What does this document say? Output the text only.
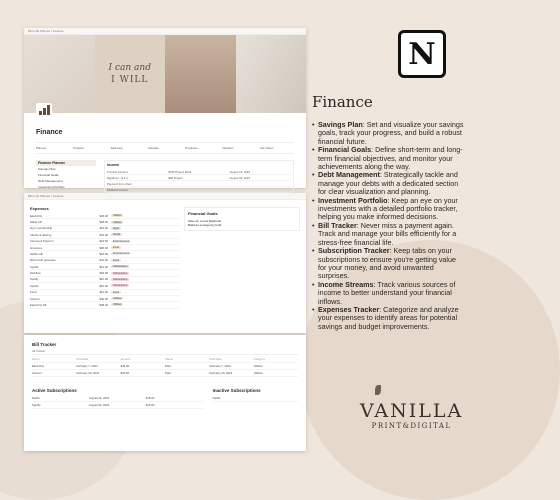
Mini Life Planner / Finance
I can and
I WILL
Finance
Planner	Finance	Self-care	Lifestyle	Productiv...	Nutrition	Life Vision
Finance Planner
Savings Plan
Financial Goals
Debt Management
Investment Portfolio
Income
Transfer Amount	$780 Project Work	August 15, 2024
Digital art - $ 2.4	$50 Project	August 02, 2024
Payment from client
Dividend income
Mini Life Planner / Finance
Expenses
Electricity	$45.00	Utilities
Water bill	$18.00	Utilities
Gym membership	$24.00	Sport
Clients & offering	$32.00	Social
Cinema & Popcorn	$24.50	Entertainment
Groceries	$96.00	Food
Netflix sub	$15.00	Entertainment
Mid-month groceries	$42.00	Food
Spotify	$10.00	Subscription
Webflow	$29.00	Subscription
Spotify	$10.00	Subscription
Spotify	$10.00	Subscription
Food	$12.00	Food
Internet	$40.00	Utilities
Electricity bill	$38.00	Utilities
Financial Goals
Save for a new Macbook
Build an emergency fund
Bill Tracker
All Tracker
Name	Due Date	Amount	Status	Paid Date	Category
Electricity	February 7, 2024	$45.00	Paid	February 7, 2024	Utilities
Internet	February 20, 2024	$40.00	Paid	February 20, 2024	Utilities
Active Subscriptions
Netflix	August 23, 2024	$15.00
Spotify	August 24, 2024	$10.00
Inactive Subscriptions
Netflix
N
Finance
• Savings Plan: Set and visualize your savings goals, track your progress, and build a robust financial future.
• Financial Goals: Define short-term and long-term financial objectives, and monitor your achievements along the way.
• Debt Management: Strategically tackle and manage your debts with a dedicated section for clear visualization and planning.
• Investment Portfolio: Keep an eye on your investments with a detailed portfolio tracker, helping you make informed decisions.
• Bill Tracker: Never miss a payment again. Track and manage your bills efficiently for a stress-free financial life.
• Subscription Tracker: Keep tabs on your subscriptions to ensure you're getting value for your money, and avoid unwanted surprises.
• Income Streams: Track various sources of income to better understand your financial inflows.
• Expenses Tracker: Categorize and analyze your expenses to identify areas for potential savings and budget improvements.
VANILLA
PRINT&DIGITAL
